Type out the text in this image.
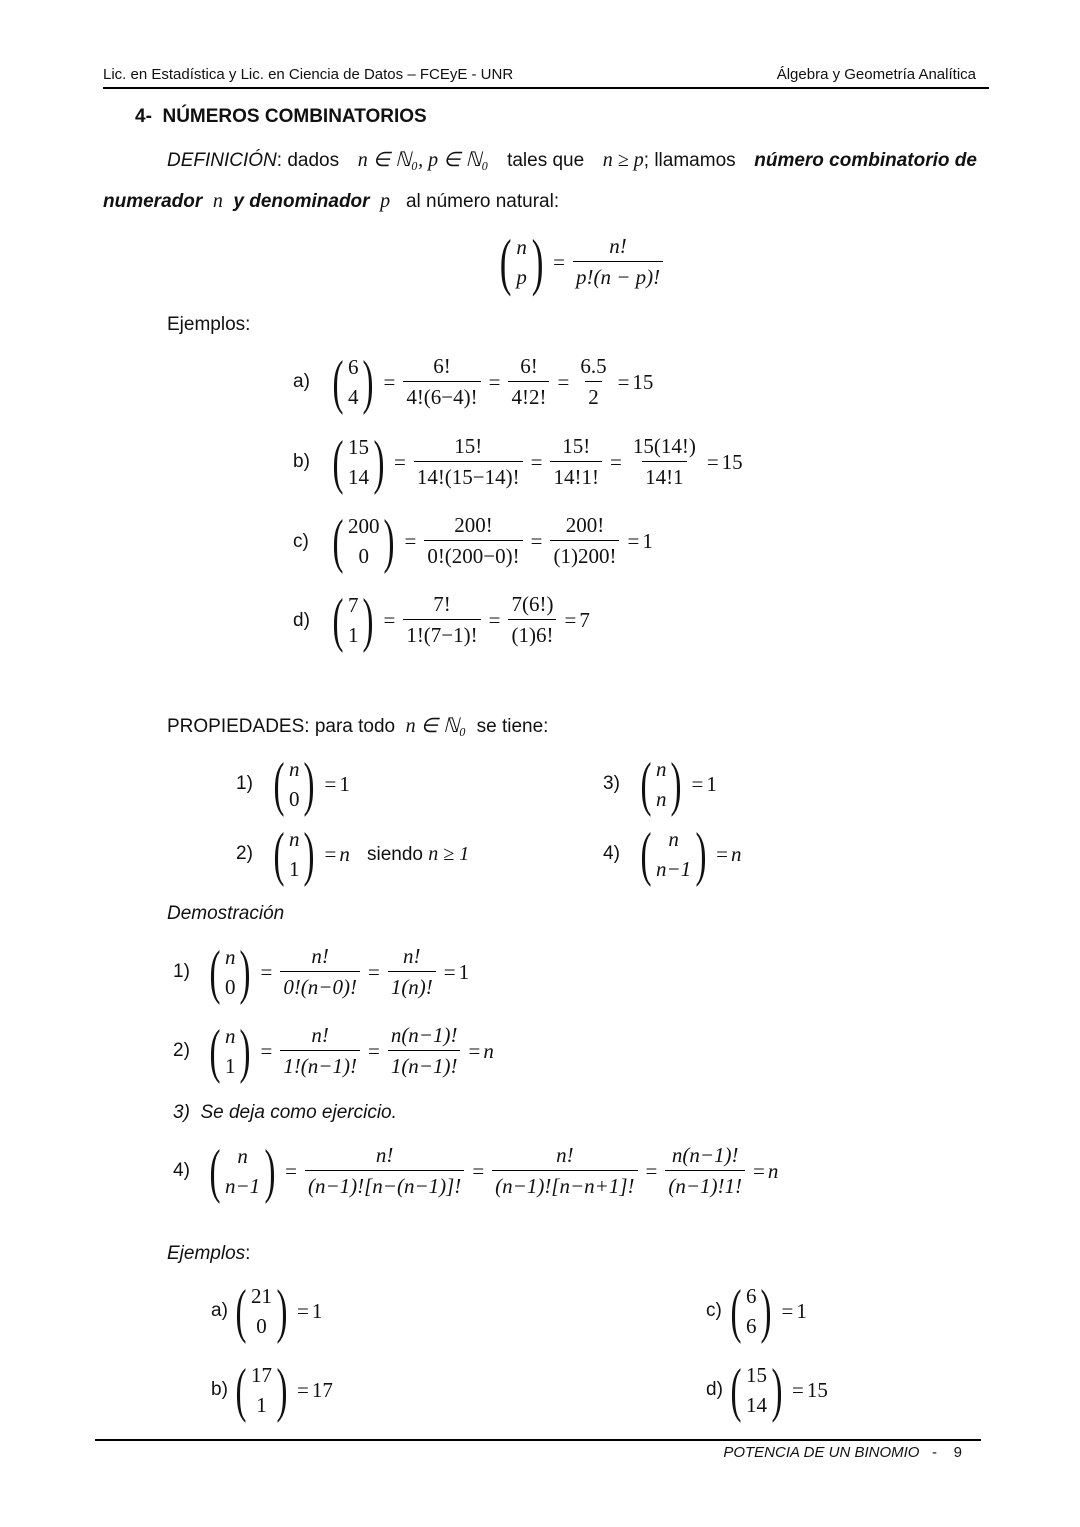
Lic. en Estadística y Lic. en Ciencia de Datos – FCEyE - UNR	Álgebra y Geometría Analítica
4- NÚMEROS COMBINATORIOS
DEFINICIÓN: dados n ∈ ℕ₀, p ∈ ℕ₀ tales que n ≥ p; llamamos número combinatorio de
numerador n y denominador p al número natural:
( n
p ) = $\frac{n!}{p!(n - p)!}$
Ejemplos:
a) ( 6
4 ) = $\frac{6!}{4!(6-4)!} = \frac{6!}{4!2!} = \frac{6.5}{2} = 15$
b) ( 15
14 ) = $\frac{15!}{14!(15-14)!} = \frac{15!}{14!1!} = \frac{15(14!)}{14!1} = 15$
c) ( 200
0 ) = $\frac{200!}{0!(200-0)!} = \frac{200!}{(1)200!} = 1$
d) ( 7
1 ) = $\frac{7!}{1!(7-1)!} = \frac{7(6!)}{(1)6!} = 7$
PROPIEDADES: para todo n ∈ ℕ₀ se tiene:
1) ( n
0 ) = 1
2) ( n
1 ) = n siendo n ≥ 1
3) ( n
n ) = 1
4) ( n
n−1 ) = n
Demostración
1) ( n
0 ) = $\frac{n!}{0!(n-0)!} = \frac{n!}{1(n)!} = 1$
2) ( n
1 ) = $\frac{n!}{1!(n-1)!} = \frac{n(n-1)!}{1(n-1)!} = n$
3) Se deja como ejercicio.
4) ( n
n−1 ) = $\frac{n!}{(n-1)![n-(n-1)]!} = \frac{n!}{(n-1)![n-n+1]!} = \frac{n(n-1)!}{(n-1)!1!} = n$
Ejemplos:
a) ( 21
0 ) = 1
b) ( 17
1 ) = 17
c) ( 6
6 ) = 1
d) ( 15
14 ) = 15
POTENCIA DE UN BINOMIO - 9
